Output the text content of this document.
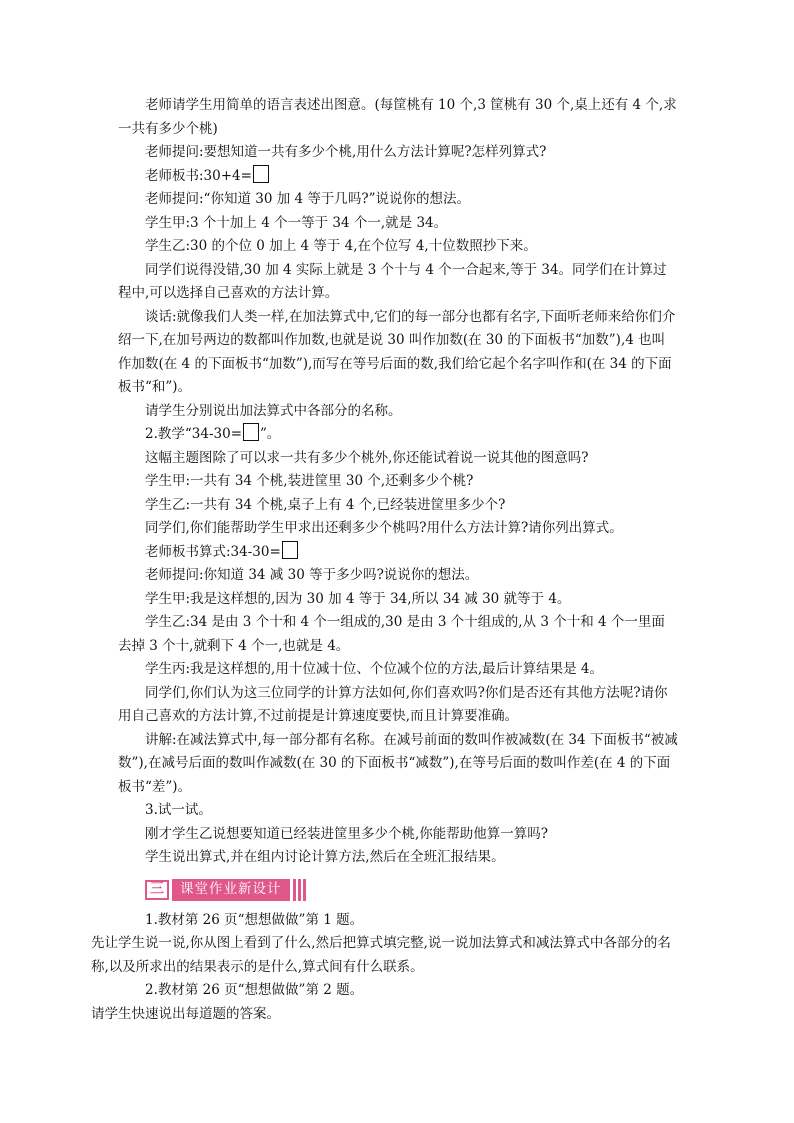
老师请学生用简单的语言表述出图意。(每筐桃有 10 个,3 筐桃有 30 个,桌上还有 4 个,求一共有多少个桃)

老师提问:要想知道一共有多少个桃,用什么方法计算呢?怎样列算式?

老师板书:30+4=

老师提问:“你知道 30 加 4 等于几吗?”说说你的想法。

学生甲:3 个十加上 4 个一等于 34 个一,就是 34。

学生乙:30 的个位 0 加上 4 等于 4,在个位写 4,十位数照抄下来。

同学们说得没错,30 加 4 实际上就是 3 个十与 4 个一合起来,等于 34。同学们在计算过程中,可以选择自己喜欢的方法计算。

谈话:就像我们人类一样,在加法算式中,它们的每一部分也都有名字,下面听老师来给你们介绍一下,在加号两边的数都叫作加数,也就是说 30 叫作加数(在 30 的下面板书“加数”),4 也叫作加数(在 4 的下面板书“加数”),而写在等号后面的数,我们给它起个名字叫作和(在 34 的下面板书“和”)。

请学生分别说出加法算式中各部分的名称。

2.教学“34-30= ”。

这幅主题图除了可以求一共有多少个桃外,你还能试着说一说其他的图意吗?

学生甲:一共有 34 个桃,装进筐里 30 个,还剩多少个桃?

学生乙:一共有 34 个桃,桌子上有 4 个,已经装进筐里多少个?

同学们,你们能帮助学生甲求出还剩多少个桃吗?用什么方法计算?请你列出算式。

老师板书算式:34-30=

老师提问:你知道 34 减 30 等于多少吗?说说你的想法。

学生甲:我是这样想的,因为 30 加 4 等于 34,所以 34 减 30 就等于 4。

学生乙:34 是由 3 个十和 4 个一组成的,30 是由 3 个十组成的,从 3 个十和 4 个一里面去掉 3 个十,就剩下 4 个一,也就是 4。

学生丙:我是这样想的,用十位减十位、个位减个位的方法,最后计算结果是 4。

同学们,你们认为这三位同学的计算方法如何,你们喜欢吗?你们是否还有其他方法呢?请你用自己喜欢的方法计算,不过前提是计算速度要快,而且计算要准确。

讲解:在减法算式中,每一部分都有名称。在减号前面的数叫作被减数(在 34 下面板书“被减数”),在减号后面的数叫作减数(在 30 的下面板书“减数”),在等号后面的数叫作差(在 4 的下面板书“差”)。

3.试一试。

刚才学生乙说想要知道已经装进筐里多少个桃,你能帮助他算一算吗?

学生说出算式,并在组内讨论计算方法,然后在全班汇报结果。

三	课堂作业新设计

1.教材第 26 页“想想做做”第 1 题。

先让学生说一说,你从图上看到了什么,然后把算式填完整,说一说加法算式和减法算式中各部分的名称,以及所求出的结果表示的是什么,算式间有什么联系。

2.教材第 26 页“想想做做”第 2 题。

请学生快速说出每道题的答案。
